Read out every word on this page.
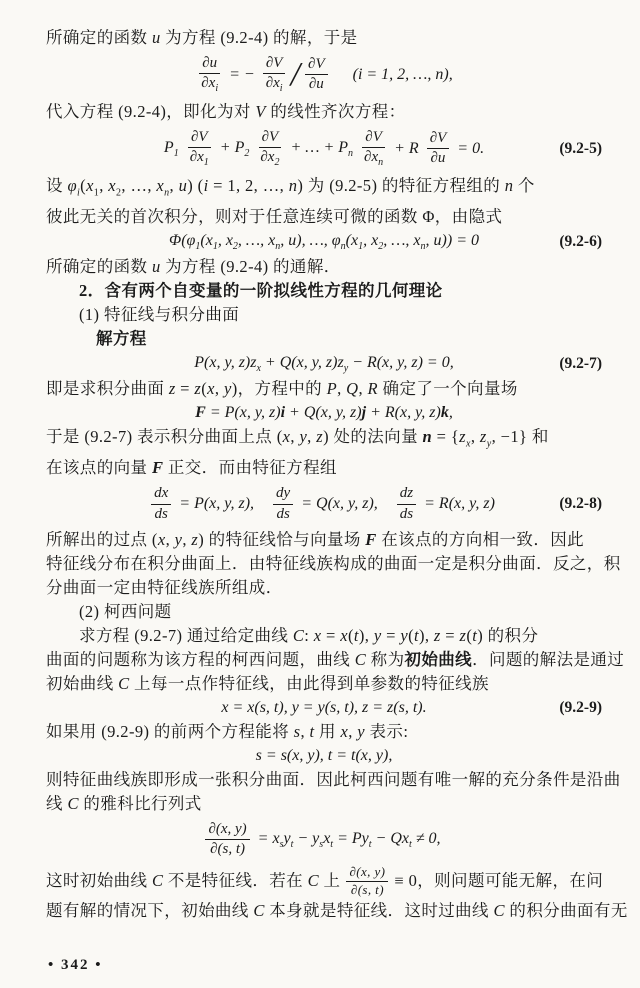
所确定的函数 u 为方程 (9.2-4) 的解，于是
$\frac{\partial u}{\partial x_i}$ = − $\frac{\partial V}{\partial x_i} / \frac{\partial V}{\partial u} (i = 1$, 2, …, n),
代入方程 (9.2-4)，即化为对 V 的线性齐次方程：
$P_1 \frac{\partial V}{\partial x_1} + P_2 \frac{\partial V}{\partial x_2}$ + … + $P_n \frac{\partial V}{\partial x_n} + R \frac{\partial V}{\partial u} = 0$.	(9.2-5)
设 $\varphi_i(x_1$, $x_2$, …, $x_n$, u) (i = 1, 2, …, n) 为 (9.2-5) 的特征方程组的 n 个
彼此无关的首次积分，则对于任意连续可微的函数 Φ，由隐式
$\Phi(\varphi_1(x_1$, $x_2$, …, $x_n$, u), …, $\varphi_n(x_1$, $x_2$, …, $x_n$, u)) = 0	(9.2-6)
所确定的函数 u 为方程 (9.2-4) 的通解．
2．含有两个自变量的一阶拟线性方程的几何理论
(1) 特征线与积分曲面
解方程
P(x, y, $z)z_x + Q(x$, y, $z)z_y - R(x$, y, z) = 0,	(9.2-7)
即是求积分曲面 z = z(x, y)，方程中的 P, Q, R 确定了一个向量场
F = P(x, y, z)i + Q(x, y, z)j + R(x, y, z)k,
于是 (9.2-7) 表示积分曲面上点 (x, y, z) 处的法向量 $n = \{z_x$, $z_y$, −1} 和
在该点的向量 F 正交．而由特征方程组
$\frac{dx}{ds} = P(x$, y, z), $\frac{dy}{ds} = Q(x$, y, z), $\frac{dz}{ds} = R(x$, y, z)	(9.2-8)
所解出的过点 (x, y, z) 的特征线恰与向量场 F 在该点的方向相一致．因此
特征线分布在积分曲面上．由特征线族构成的曲面一定是积分曲面．反之，积
分曲面一定由特征线族所组成．
(2) 柯西问题
求方程 (9.2-7) 通过给定曲线 C: x = x(t), y = y(t), z = z(t) 的积分
曲面的问题称为该方程的柯西问题，曲线 C 称为初始曲线．问题的解法是通过
初始曲线 C 上每一点作特征线，由此得到单参数的特征线族
x = x(s, t), y = y(s, t), z = z(s, t).	(9.2-9)
如果用 (9.2-9) 的前两个方程能将 s, t 用 x, y 表示:
s = s(x, y), t = t(x, y),
则特征曲线族即形成一张积分曲面．因此柯西问题有唯一解的充分条件是沿曲
线 C 的雅科比行列式
$\frac{\partial(x, y)}{\partial(s, t)} = x_sy_t - y_sx_t = Py_t - Qx_t \ne 0$,
这时初始曲线 C 不是特征线．若在 C 上 $\frac{\partial(x, y)}{\partial(s, t)} \equiv 0$，则问题可能无解，在问
题有解的情况下，初始曲线 C 本身就是特征线．这时过曲线 C 的积分曲面有无
• 342 •
